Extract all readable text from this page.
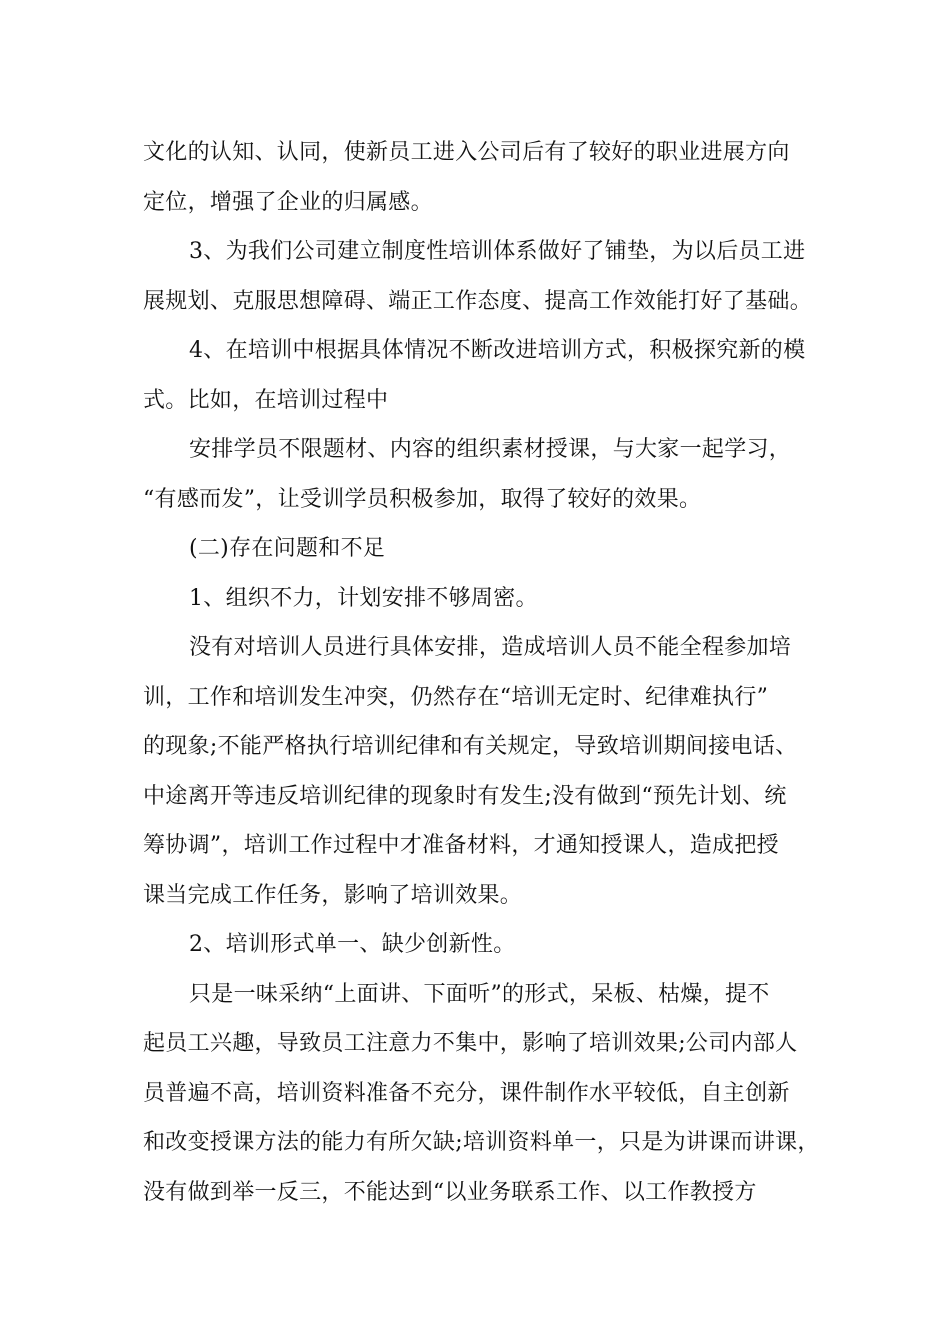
文化的认知、认同，使新员工进入公司后有了较好的职业进展方向
定位，增强了企业的归属感。
3、为我们公司建立制度性培训体系做好了铺垫，为以后员工进
展规划、克服思想障碍、端正工作态度、提高工作效能打好了基础。
4、在培训中根据具体情况不断改进培训方式，积极探究新的模
式。比如，在培训过程中
安排学员不限题材、内容的组织素材授课，与大家一起学习，
“有感而发”，让受训学员积极参加，取得了较好的效果。
(二)存在问题和不足
1、组织不力，计划安排不够周密。
没有对培训人员进行具体安排，造成培训人员不能全程参加培
训，工作和培训发生冲突，仍然存在“培训无定时、纪律难执行”
的现象;不能严格执行培训纪律和有关规定，导致培训期间接电话、
中途离开等违反培训纪律的现象时有发生;没有做到“预先计划、统
筹协调”，培训工作过程中才准备材料，才通知授课人，造成把授
课当完成工作任务，影响了培训效果。
2、培训形式单一、缺少创新性。
只是一味采纳“上面讲、下面听”的形式，呆板、枯燥，提不
起员工兴趣，导致员工注意力不集中，影响了培训效果;公司内部人
员普遍不高，培训资料准备不充分，课件制作水平较低，自主创新
和改变授课方法的能力有所欠缺;培训资料单一，只是为讲课而讲课，
没有做到举一反三，不能达到“以业务联系工作、以工作教授方
